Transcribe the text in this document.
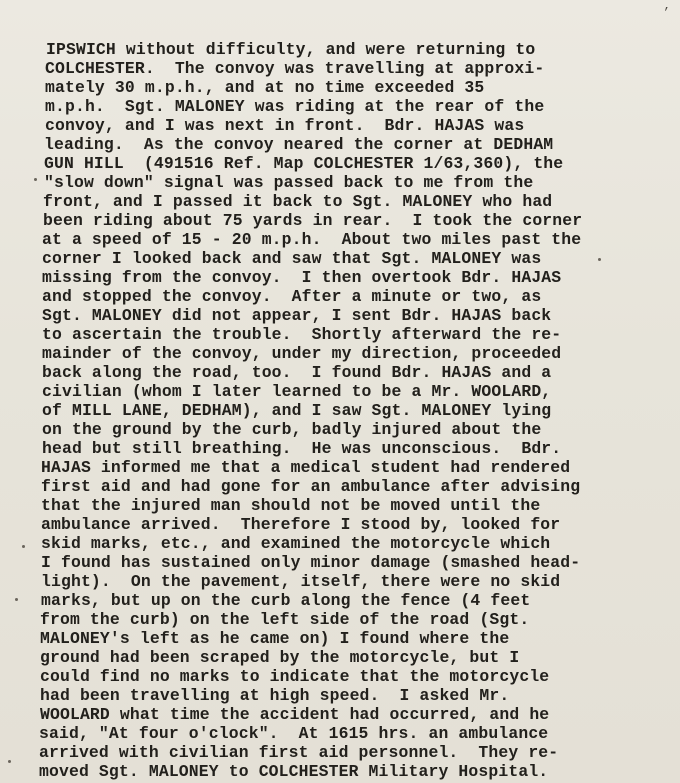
’
IPSWICH without difficulty, and were returning to
COLCHESTER.  The convoy was travelling at approxi-
mately 30 m.p.h., and at no time exceeded 35
m.p.h.  Sgt. MALONEY was riding at the rear of the
convoy, and I was next in front.  Bdr. HAJAS was
leading.  As the convoy neared the corner at DEDHAM
GUN HILL  (491516 Ref. Map COLCHESTER 1/63,360), the
"slow down" signal was passed back to me from the
front, and I passed it back to Sgt. MALONEY who had
been riding about 75 yards in rear.  I took the corner
at a speed of 15 - 20 m.p.h.  About two miles past the
corner I looked back and saw that Sgt. MALONEY was
missing from the convoy.  I then overtook Bdr. HAJAS
and stopped the convoy.  After a minute or two, as
Sgt. MALONEY did not appear, I sent Bdr. HAJAS back
to ascertain the trouble.  Shortly afterward the re-
mainder of the convoy, under my direction, proceeded
back along the road, too.  I found Bdr. HAJAS and a
civilian (whom I later learned to be a Mr. WOOLARD,
of MILL LANE, DEDHAM), and I saw Sgt. MALONEY lying
on the ground by the curb, badly injured about the
head but still breathing.  He was unconscious.  Bdr.
HAJAS informed me that a medical student had rendered
first aid and had gone for an ambulance after advising
that the injured man should not be moved until the
ambulance arrived.  Therefore I stood by, looked for
skid marks, etc., and examined the motorcycle which
I found has sustained only minor damage (smashed head-
light).  On the pavement, itself, there were no skid
marks, but up on the curb along the fence (4 feet
from the curb) on the left side of the road (Sgt.
MALONEY's left as he came on) I found where the
ground had been scraped by the motorcycle, but I
could find no marks to indicate that the motorcycle
had been travelling at high speed.  I asked Mr.
WOOLARD what time the accident had occurred, and he
said, "At four o'clock".  At 1615 hrs. an ambulance
arrived with civilian first aid personnel.  They re-
moved Sgt. MALONEY to COLCHESTER Military Hospital.
